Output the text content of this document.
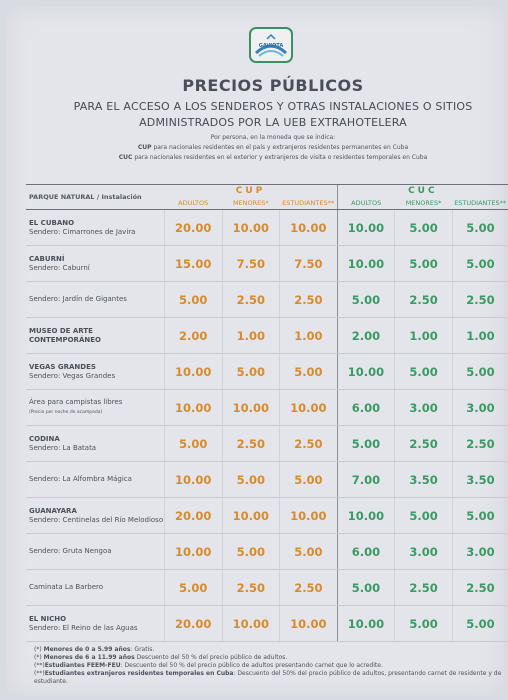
GAVIOTA
PRECIOS PÚBLICOS
PARA EL ACCESO A LOS SENDEROS Y OTRAS INSTALACIONES O SITIOS
ADMINISTRADOS POR LA UEB EXTRAHOTELERA
Por persona, en la moneda que se indica:
CUP para nacionales residentes en el país y extranjeros residentes permanentes en Cuba
CUC para nacionales residentes en el exterior y extranjeros de visita o residentes temporales en Cuba
PARQUE NATURAL / Instalación	CUP			CUC		
	ADULTOS	MENORES*	ESTUDIANTES**	ADULTOS	MENORES*	ESTUDIANTES**
EL CUBANO
Sendero: Cimarrones de Javira	20.00	10.00	10.00	10.00	5.00	5.00
CABURNÍ
Sendero: Caburní	15.00	7.50	7.50	10.00	5.00	5.00
Sendero: Jardín de Gigantes	5.00	2.50	2.50	5.00	2.50	2.50
MUSEO DE ARTE CONTEMPORÁNEO	2.00	1.00	1.00	2.00	1.00	1.00
VEGAS GRANDES
Sendero: Vegas Grandes	10.00	5.00	5.00	10.00	5.00	5.00
Área para campistas libres
(Precio por noche de acampada)	10.00	10.00	10.00	6.00	3.00	3.00
CODINA
Sendero: La Batata	5.00	2.50	2.50	5.00	2.50	2.50
Sendero: La Alfombra Mágica	10.00	5.00	5.00	7.00	3.50	3.50
GUANAYARA
Sendero: Centinelas del Río Melodioso	20.00	10.00	10.00	10.00	5.00	5.00
Sendero: Gruta Nengoa	10.00	5.00	5.00	6.00	3.00	3.00
Caminata La Barbero	5.00	2.50	2.50	5.00	2.50	2.50
EL NICHO
Sendero: El Reino de las Aguas	20.00	10.00	10.00	10.00	5.00	5.00
(*) Menores de 0 a 5.99 años: Gratis.
(*) Menores de 6 a 11.99 años Descuento del 50 % del precio público de adultos.
(**)Estudiantes FEEM-FEU: Descuento del 50 % del precio público de adultos presentando carnet que lo acredite.
(**)Estudiantes extranjeros residentes temporales en Cuba: Descuento del 50% del precio público de adultos, presentando carnet de residente y de estudiante.
